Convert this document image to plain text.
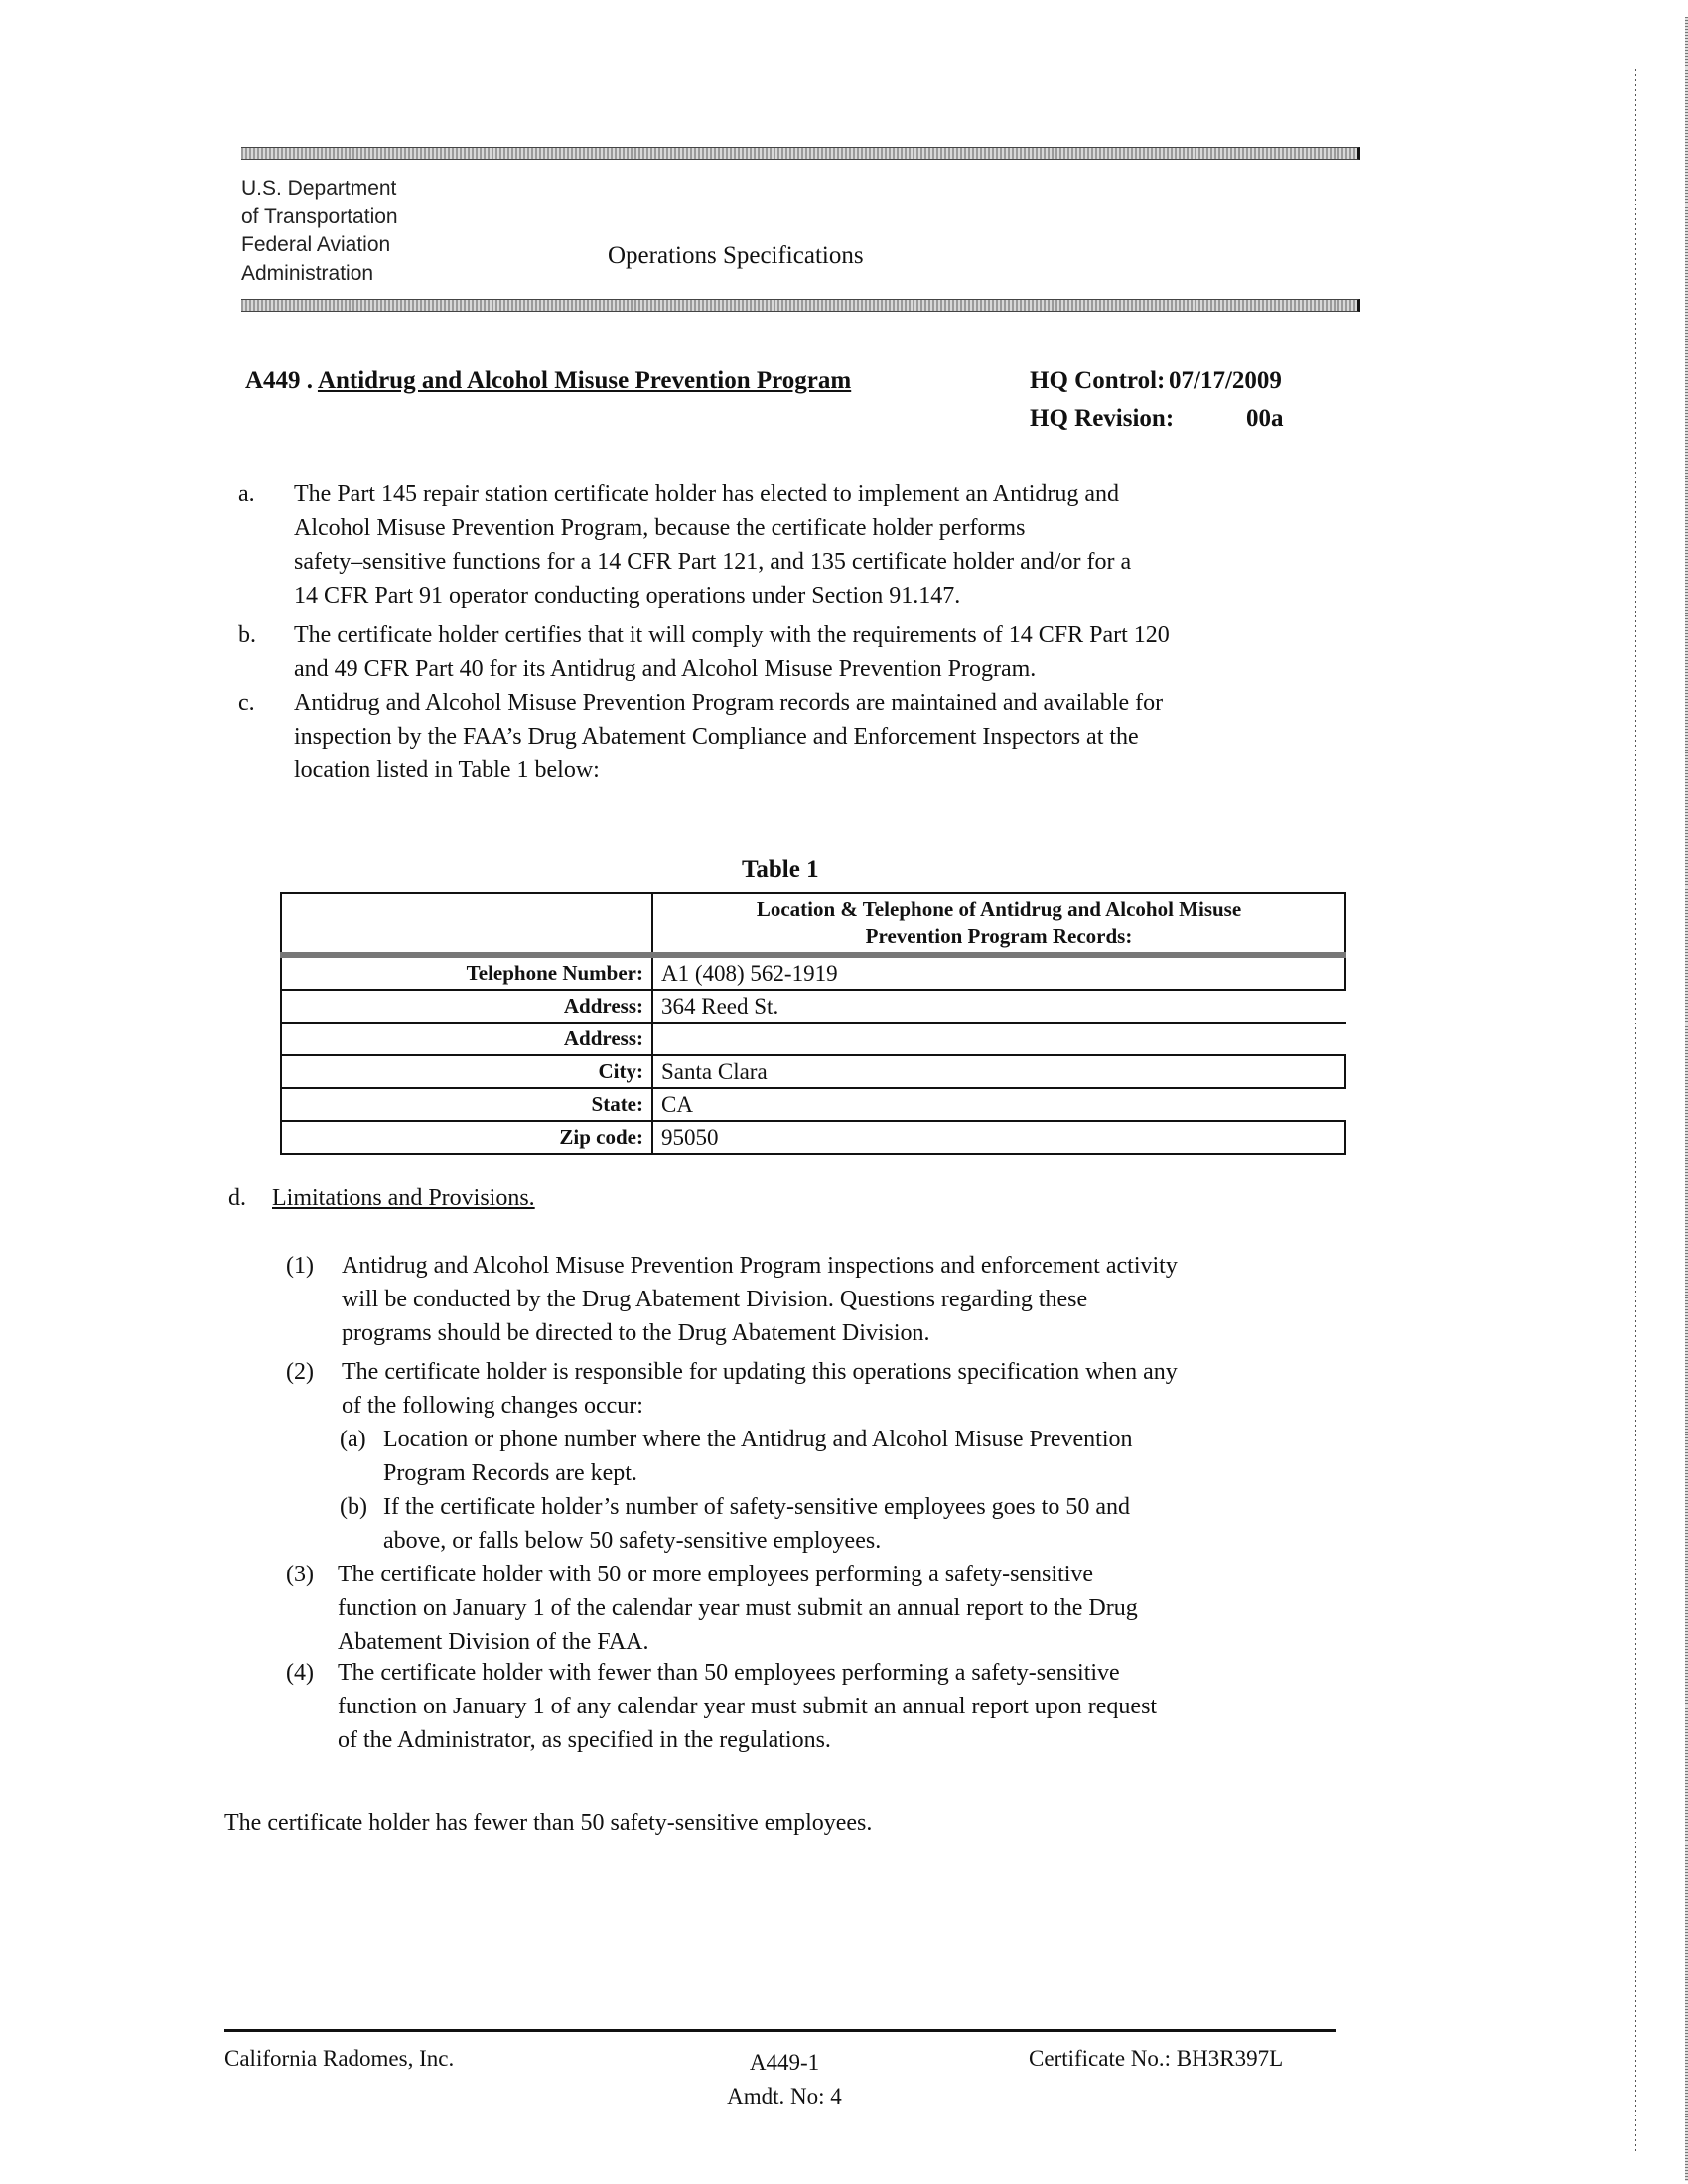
U.S. Department
of Transportation
Federal Aviation
Administration
Operations Specifications
A449 . Antidrug and Alcohol Misuse Prevention Program	HQ Control: 07/17/2009
HQ Revision:	00a
a. The Part 145 repair station certificate holder has elected to implement an Antidrug and
Alcohol Misuse Prevention Program, because the certificate holder performs
safety–sensitive functions for a 14 CFR Part 121, and 135 certificate holder and/or for a
14 CFR Part 91 operator conducting operations under Section 91.147.
b. The certificate holder certifies that it will comply with the requirements of 14 CFR Part 120
and 49 CFR Part 40 for its Antidrug and Alcohol Misuse Prevention Program.
c. Antidrug and Alcohol Misuse Prevention Program records are maintained and available for
inspection by the FAA’s Drug Abatement Compliance and Enforcement Inspectors at the
location listed in Table 1 below:
Table 1

	Location & Telephone of Antidrug and Alcohol Misuse
Prevention Program Records:

Telephone Number:	A1 (408) 562-1919
Address:	364 Reed St.
Address:	
City:	Santa Clara
State:	CA
Zip code:	95050
d. Limitations and Provisions.
(1) Antidrug and Alcohol Misuse Prevention Program inspections and enforcement activity
will be conducted by the Drug Abatement Division. Questions regarding these
programs should be directed to the Drug Abatement Division.
(2) The certificate holder is responsible for updating this operations specification when any
of the following changes occur:
(a) Location or phone number where the Antidrug and Alcohol Misuse Prevention
Program Records are kept.
(b) If the certificate holder’s number of safety-sensitive employees goes to 50 and
above, or falls below 50 safety-sensitive employees.
(3) The certificate holder with 50 or more employees performing a safety-sensitive
function on January 1 of the calendar year must submit an annual report to the Drug
Abatement Division of the FAA.
(4) The certificate holder with fewer than 50 employees performing a safety-sensitive
function on January 1 of any calendar year must submit an annual report upon request
of the Administrator, as specified in the regulations.
The certificate holder has fewer than 50 safety-sensitive employees.
California Radomes, Inc.	A449-1
Amdt. No: 4
Certificate No.: BH3R397L
